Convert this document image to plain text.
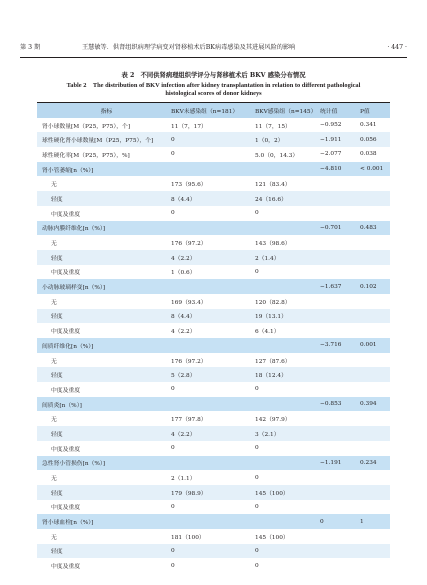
第 3 期	王慧敏等．供肾组织病理学病变对肾移植术后BK病毒感染及其进展风险的影响	· 447 ·
表 2　不同供肾病理组织学评分与肾移植术后 BKV 感染分布情况
Table 2　The distribution of BKV infection after kidney transplantation in relation to different pathological
histological scores of donor kidneys
指标	BKV未感染组（n=181）	BKV感染组（n=145）	统计值	P值
肾小球数量[M（P25，P75），个]	11（7，17）	11（7，15）	−0.952	0.341
球性硬化肾小球数量[M（P25，P75），个]	0	1（0，2）	−1.911	0.056
球性硬化率[M（P25，P75），%]	0	5.0（0，14.3）	−2.077	0.038
肾小管萎缩[n（%）]			−4.810	< 0.001
无	173（95.6）	121（83.4）		
轻度	8（4.4）	24（16.6）		
中度及重度	0	0		
动脉内膜纤维化[n（%）]			−0.701	0.483
无	176（97.2）	143（98.6）		
轻度	4（2.2）	2（1.4）		
中度及重度	1（0.6）	0		
小动脉玻璃样变[n（%）]			−1.637	0.102
无	169（93.4）	120（82.8）		
轻度	8（4.4）	19（13.1）		
中度及重度	4（2.2）	6（4.1）		
间质纤维化[n（%）]			−3.716	0.001
无	176（97.2）	127（87.6）		
轻度	5（2.8）	18（12.4）		
中度及重度	0	0		
间质炎[n（%）]			−0.853	0.394
无	177（97.8）	142（97.9）		
轻度	4（2.2）	3（2.1）		
中度及重度	0	0		
急性肾小管损伤[n（%）]			−1.191	0.234
无	2（1.1）	0		
轻度	179（98.9）	145（100）		
中度及重度	0	0		
肾小球血栓[n（%）]			0	1
无	181（100）	145（100）		
轻度	0	0		
中度及重度	0	0		
